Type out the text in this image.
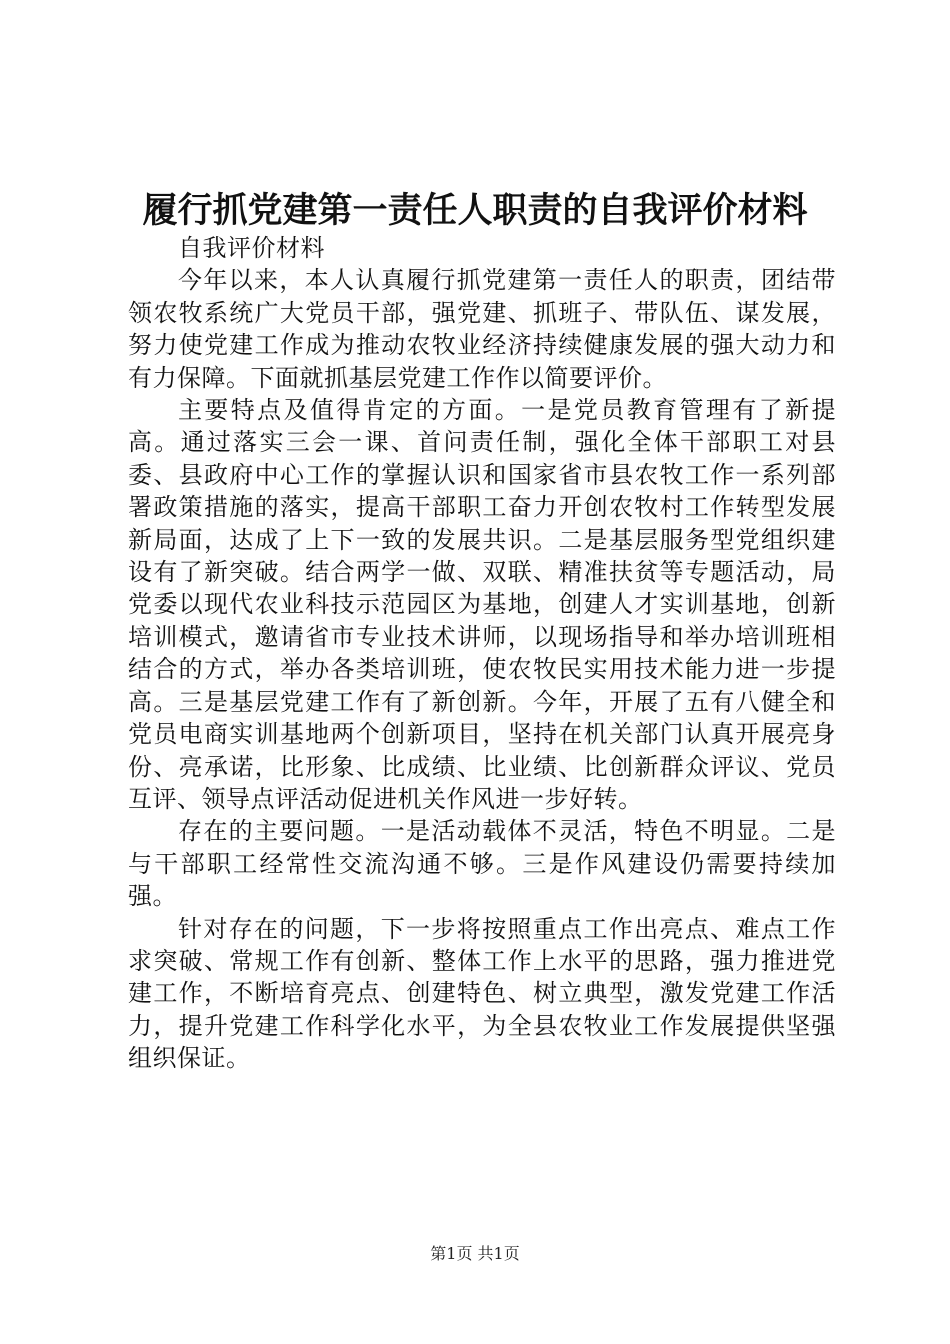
履行抓党建第一责任人职责的自我评价材料

自我评价材料

今年以来，本人认真履行抓党建第一责任人的职责，团结带领农牧系统广大党员干部，强党建、抓班子、带队伍、谋发展，努力使党建工作成为推动农牧业经济持续健康发展的强大动力和有力保障。下面就抓基层党建工作作以简要评价。

主要特点及值得肯定的方面。一是党员教育管理有了新提高。通过落实三会一课、首问责任制，强化全体干部职工对县委、县政府中心工作的掌握认识和国家省市县农牧工作一系列部署政策措施的落实，提高干部职工奋力开创农牧村工作转型发展新局面，达成了上下一致的发展共识。二是基层服务型党组织建设有了新突破。结合两学一做、双联、精准扶贫等专题活动，局党委以现代农业科技示范园区为基地，创建人才实训基地，创新培训模式，邀请省市专业技术讲师，以现场指导和举办培训班相结合的方式，举办各类培训班，使农牧民实用技术能力进一步提高。三是基层党建工作有了新创新。今年，开展了五有八健全和党员电商实训基地两个创新项目，坚持在机关部门认真开展亮身份、亮承诺，比形象、比成绩、比业绩、比创新群众评议、党员互评、领导点评活动促进机关作风进一步好转。

存在的主要问题。一是活动载体不灵活，特色不明显。二是与干部职工经常性交流沟通不够。三是作风建设仍需要持续加强。

针对存在的问题，下一步将按照重点工作出亮点、难点工作求突破、常规工作有创新、整体工作上水平的思路，强力推进党建工作，不断培育亮点、创建特色、树立典型，激发党建工作活力，提升党建工作科学化水平，为全县农牧业工作发展提供坚强组织保证。

第1页 共1页
